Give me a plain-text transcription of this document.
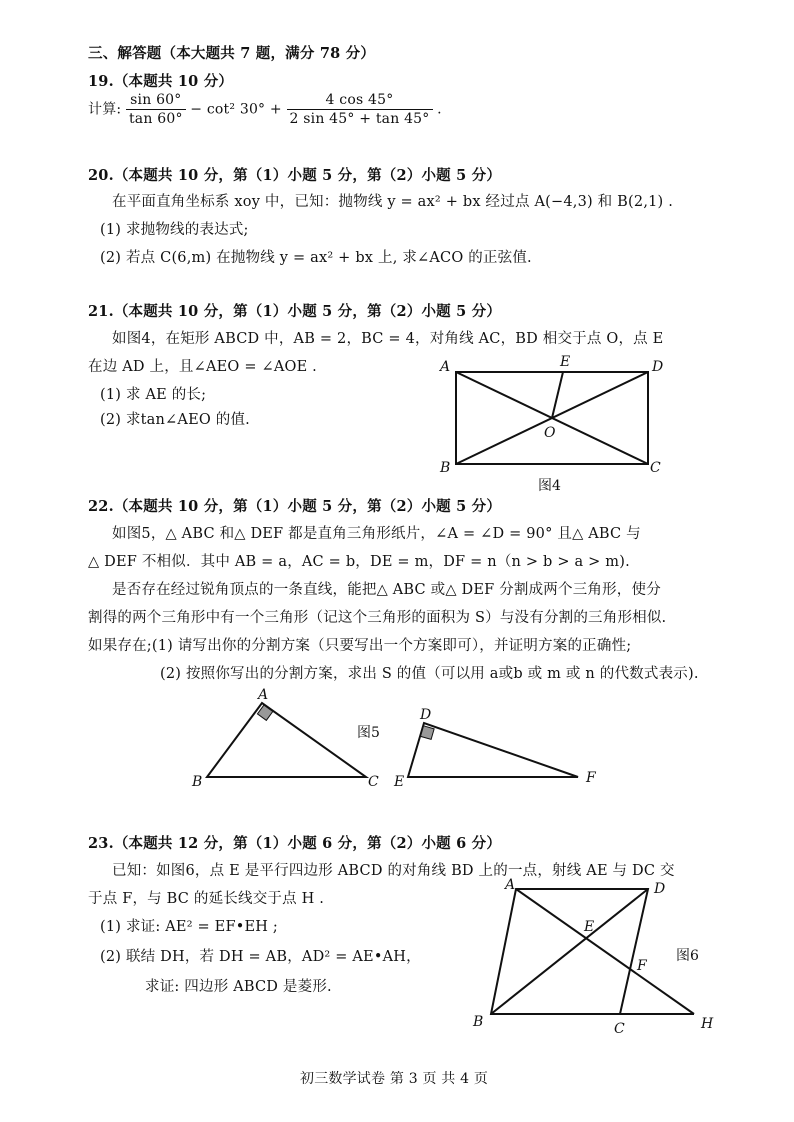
三、解答题（本大题共 7 题，满分 78 分）
19.（本题共 10 分）
计算: $\frac{\sin 60^\circ}{\tan 60^\circ} - \cot^2$ $30^\circ + \frac{4 \cos 45^\circ}{2 \sin 45^\circ + \tan 45^\circ}$ .
20.（本题共 10 分，第（1）小题 5 分，第（2）小题 5 分）
在平面直角坐标系 xoy 中，已知：抛物线 y = ax² + bx 经过点 A(−4,3) 和 B(2,1) .
(1) 求抛物线的表达式;
(2) 若点 C(6,m) 在抛物线 y = ax² + bx 上, 求∠ACO 的正弦值.
21.（本题共 10 分，第（1）小题 5 分，第（2）小题 5 分）
如图4，在矩形 ABCD 中，AB = 2，BC = 4，对角线 AC，BD 相交于点 O，点 E
在边 AD 上，且∠AEO = ∠AOE .
(1) 求 AE 的长;
(2) 求tan∠AEO 的值.
A
B	C
D
E
O
图4
22.（本题共 10 分，第（1）小题 5 分，第（2）小题 5 分）
如图5，△ ABC 和△ DEF 都是直角三角形纸片，∠A = ∠D = 90° 且△ ABC 与
△ DEF 不相似．其中 AB = a，AC = b，DE = m，DF = n（n > b > a > m).
是否存在经过锐角顶点的一条直线，能把△ ABC 或△ DEF 分割成两个三角形，使分
割得的两个三角形中有一个三角形（记这个三角形的面积为 S）与没有分割的三角形相似.
如果存在;(1) 请写出你的分割方案（只要写出一个方案即可），并证明方案的正确性;
(2) 按照你写出的分割方案，求出 S 的值（可以用 a或b 或 m 或 n 的代数式表示).
A
B	C
D
E	F
图5
23.（本题共 12 分，第（1）小题 6 分，第（2）小题 6 分）
已知：如图6，点 E 是平行四边形 ABCD 的对角线 BD 上的一点，射线 AE 与 DC 交
于点 F，与 BC 的延长线交于点 H .
(1) 求证: AE² = EF•EH ;
(2) 联结 DH，若 DH = AB，AD² = AE•AH，
求证: 四边形 ABCD 是菱形.
A
B	C
D
E
F
H
图6
初三数学试卷 第 3 页 共 4 页
